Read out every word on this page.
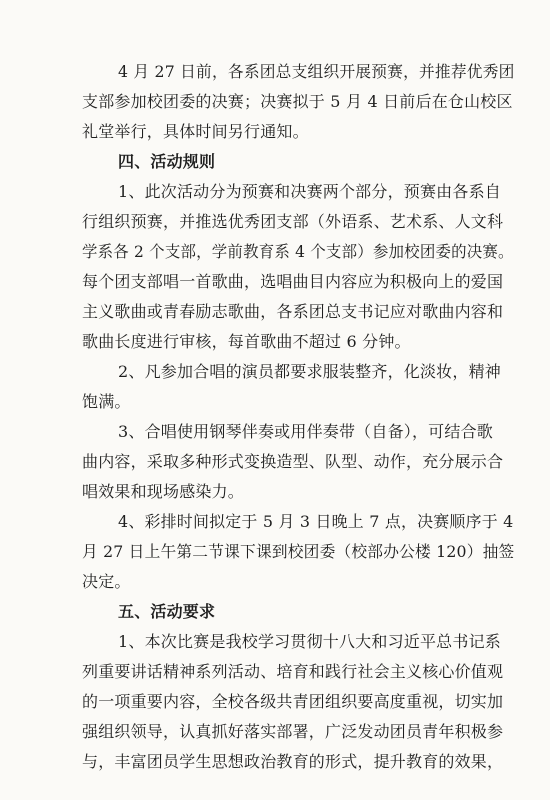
4 月 27 日前，各系团总支组织开展预赛，并推荐优秀团
支部参加校团委的决赛；决赛拟于 5 月 4 日前后在仓山校区
礼堂举行，具体时间另行通知。
四、活动规则
1、此次活动分为预赛和决赛两个部分，预赛由各系自
行组织预赛，并推选优秀团支部（外语系、艺术系、人文科
学系各 2 个支部，学前教育系 4 个支部）参加校团委的决赛。
每个团支部唱一首歌曲，选唱曲目内容应为积极向上的爱国
主义歌曲或青春励志歌曲，各系团总支书记应对歌曲内容和
歌曲长度进行审核，每首歌曲不超过 6 分钟。
2、凡参加合唱的演员都要求服装整齐，化淡妆，精神
饱满。
3、合唱使用钢琴伴奏或用伴奏带（自备），可结合歌
曲内容，采取多种形式变换造型、队型、动作，充分展示合
唱效果和现场感染力。
4、彩排时间拟定于 5 月 3 日晚上 7 点，决赛顺序于 4
月 27 日上午第二节课下课到校团委（校部办公楼 120）抽签
决定。
五、活动要求
1、本次比赛是我校学习贯彻十八大和习近平总书记系
列重要讲话精神系列活动、培育和践行社会主义核心价值观
的一项重要内容，全校各级共青团组织要高度重视，切实加
强组织领导，认真抓好落实部署，广泛发动团员青年积极参
与，丰富团员学生思想政治教育的形式，提升教育的效果，
